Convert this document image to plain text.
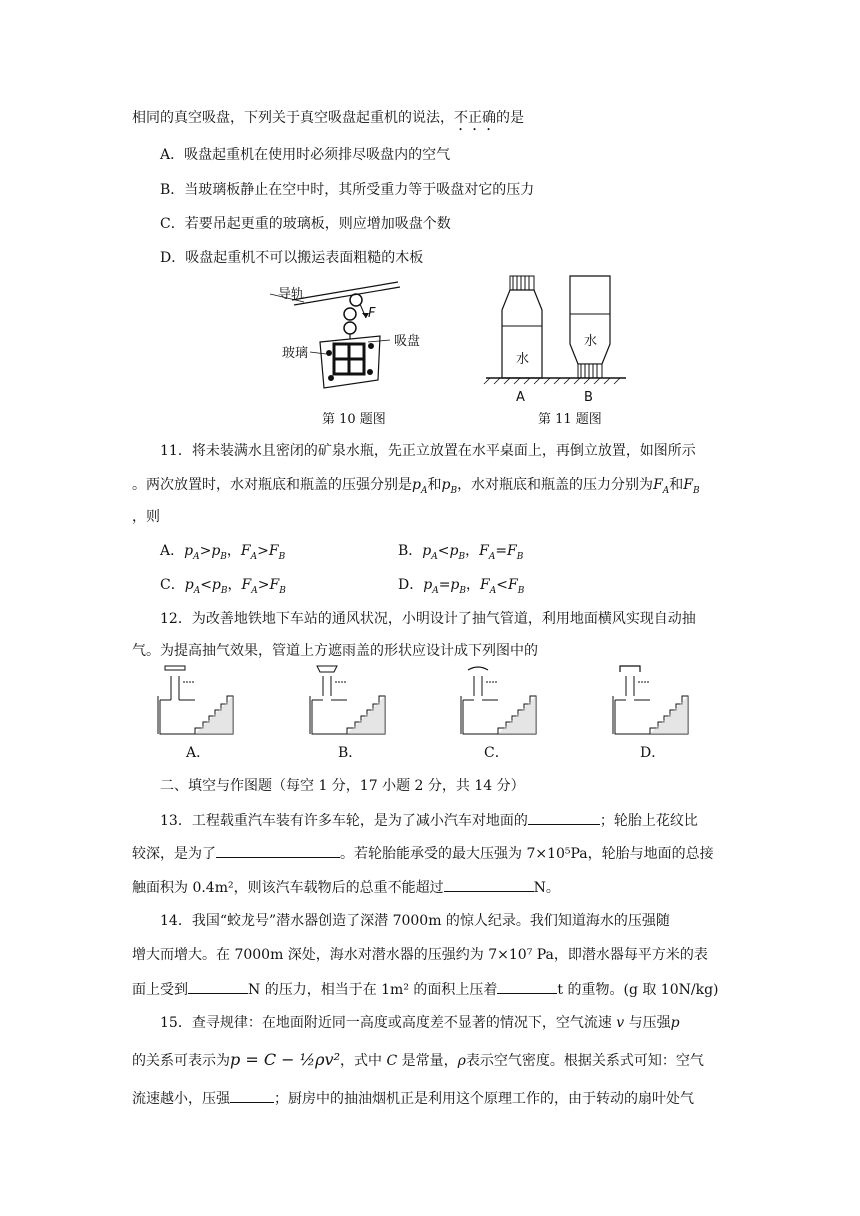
相同的真空吸盘，下列关于真空吸盘起重机的说法，不正确的是
A．吸盘起重机在使用时必须排尽吸盘内的空气
B．当玻璃板静止在空中时，其所受重力等于吸盘对它的压力
C．若要吊起更重的玻璃板，则应增加吸盘个数
D．吸盘起重机不可以搬运表面粗糙的木板
导轨
F
玻璃
吸盘
第 10 题图
水
水
A	B
第 11 题图
11．将未装满水且密闭的矿泉水瓶，先正立放置在水平桌面上，再倒立放置，如图所示
。两次放置时，水对瓶底和瓶盖的压强分别是$p_A$和$p_B$，水对瓶底和瓶盖的压力分别为$F_A$和$F_B$
，则
A．$p_A>p_B$，$F_A>F_B$	B．$p_A<p_B$，$F_A=F_B$
C．$p_A<p_B$，$F_A>F_B$	D．$p_A=p_B$，$F_A<F_B$
12．为改善地铁地下车站的通风状况，小明设计了抽气管道，利用地面横风实现自动抽
气。为提高抽气效果，管道上方遮雨盖的形状应设计成下列图中的
A．	B．	C．	D．
二、填空与作图题（每空 1 分，17 小题 2 分，共 14 分）
13．工程载重汽车装有许多车轮，是为了减小汽车对地面的	；轮胎上花纹比
较深，是为了	。若轮胎能承受的最大压强为 7×10⁵Pa，轮胎与地面的总接
触面积为 0.4m²，则该汽车载物后的总重不能超过	N。
14．我国“蛟龙号”潜水器创造了深潜 7000m 的惊人纪录。我们知道海水的压强随
增大而增大。在 7000m 深处，海水对潜水器的压强约为 7×10⁷ Pa，即潜水器每平方米的表
面上受到	N 的压力，相当于在 1m² 的面积上压着	t 的重物。(g 取 10N/kg)
15．查寻规律：在地面附近同一高度或高度差不显著的情况下，空气流速 v 与压强p
的关系可表示为p = C − ½ρv²，式中 C 是常量，ρ表示空气密度。根据关系式可知：空气
流速越小，压强	；厨房中的抽油烟机正是利用这个原理工作的，由于转动的扇叶处气
